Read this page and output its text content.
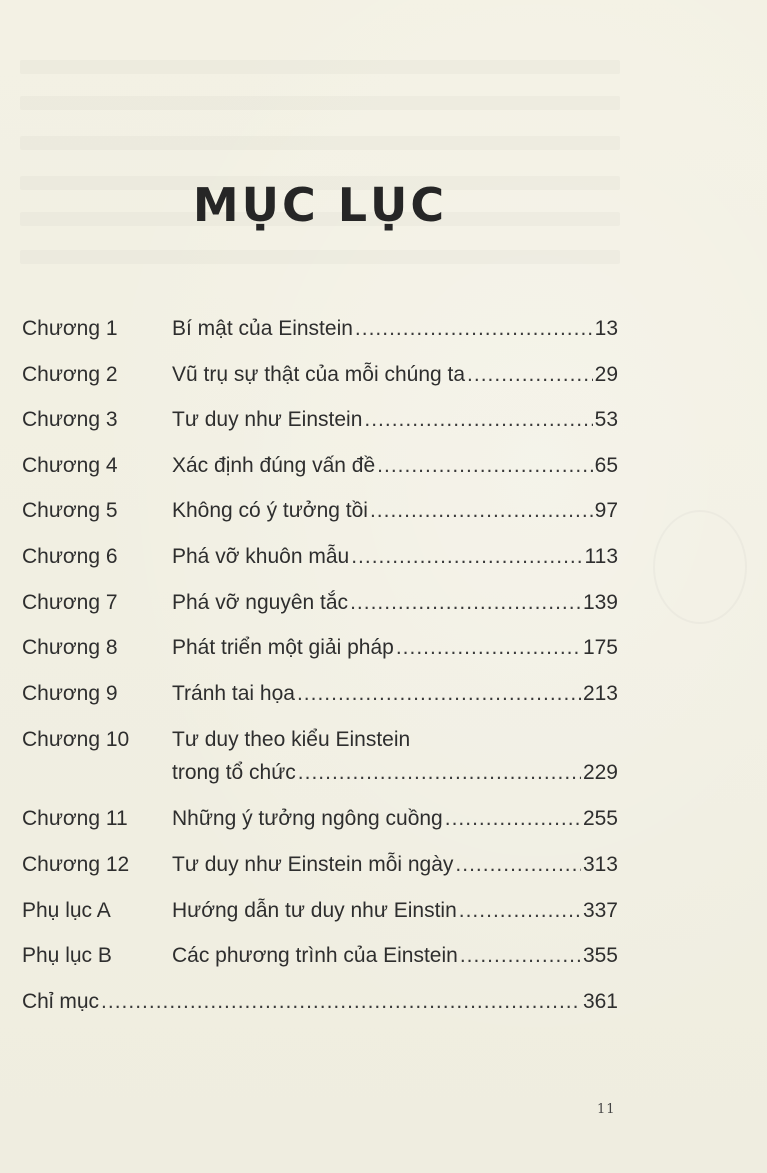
MỤC LỤC
Chương 1	Bí mật của Einstein .....	13
Chương 2	Vũ trụ sự thật của mỗi chúng ta .....	29
Chương 3	Tư duy như Einstein .....	53
Chương 4	Xác định đúng vấn đề .....	65
Chương 5	Không có ý tưởng tồi .....	97
Chương 6	Phá vỡ khuôn mẫu .....	113
Chương 7	Phá vỡ nguyên tắc .....	139
Chương 8	Phát triển một giải pháp .....	175
Chương 9	Tránh tai họa .....	213
Chương 10 Tư duy theo kiểu Einstein
trong tổ chức .....	229
Chương 11 Những ý tưởng ngông cuồng .....	255
Chương 12 Tư duy như Einstein mỗi ngày .....	313
Phụ lục A	Hướng dẫn tư duy như Einstin .....	337
Phụ lục B	Các phương trình của Einstein .....	355
Chỉ mục .....	361
11
